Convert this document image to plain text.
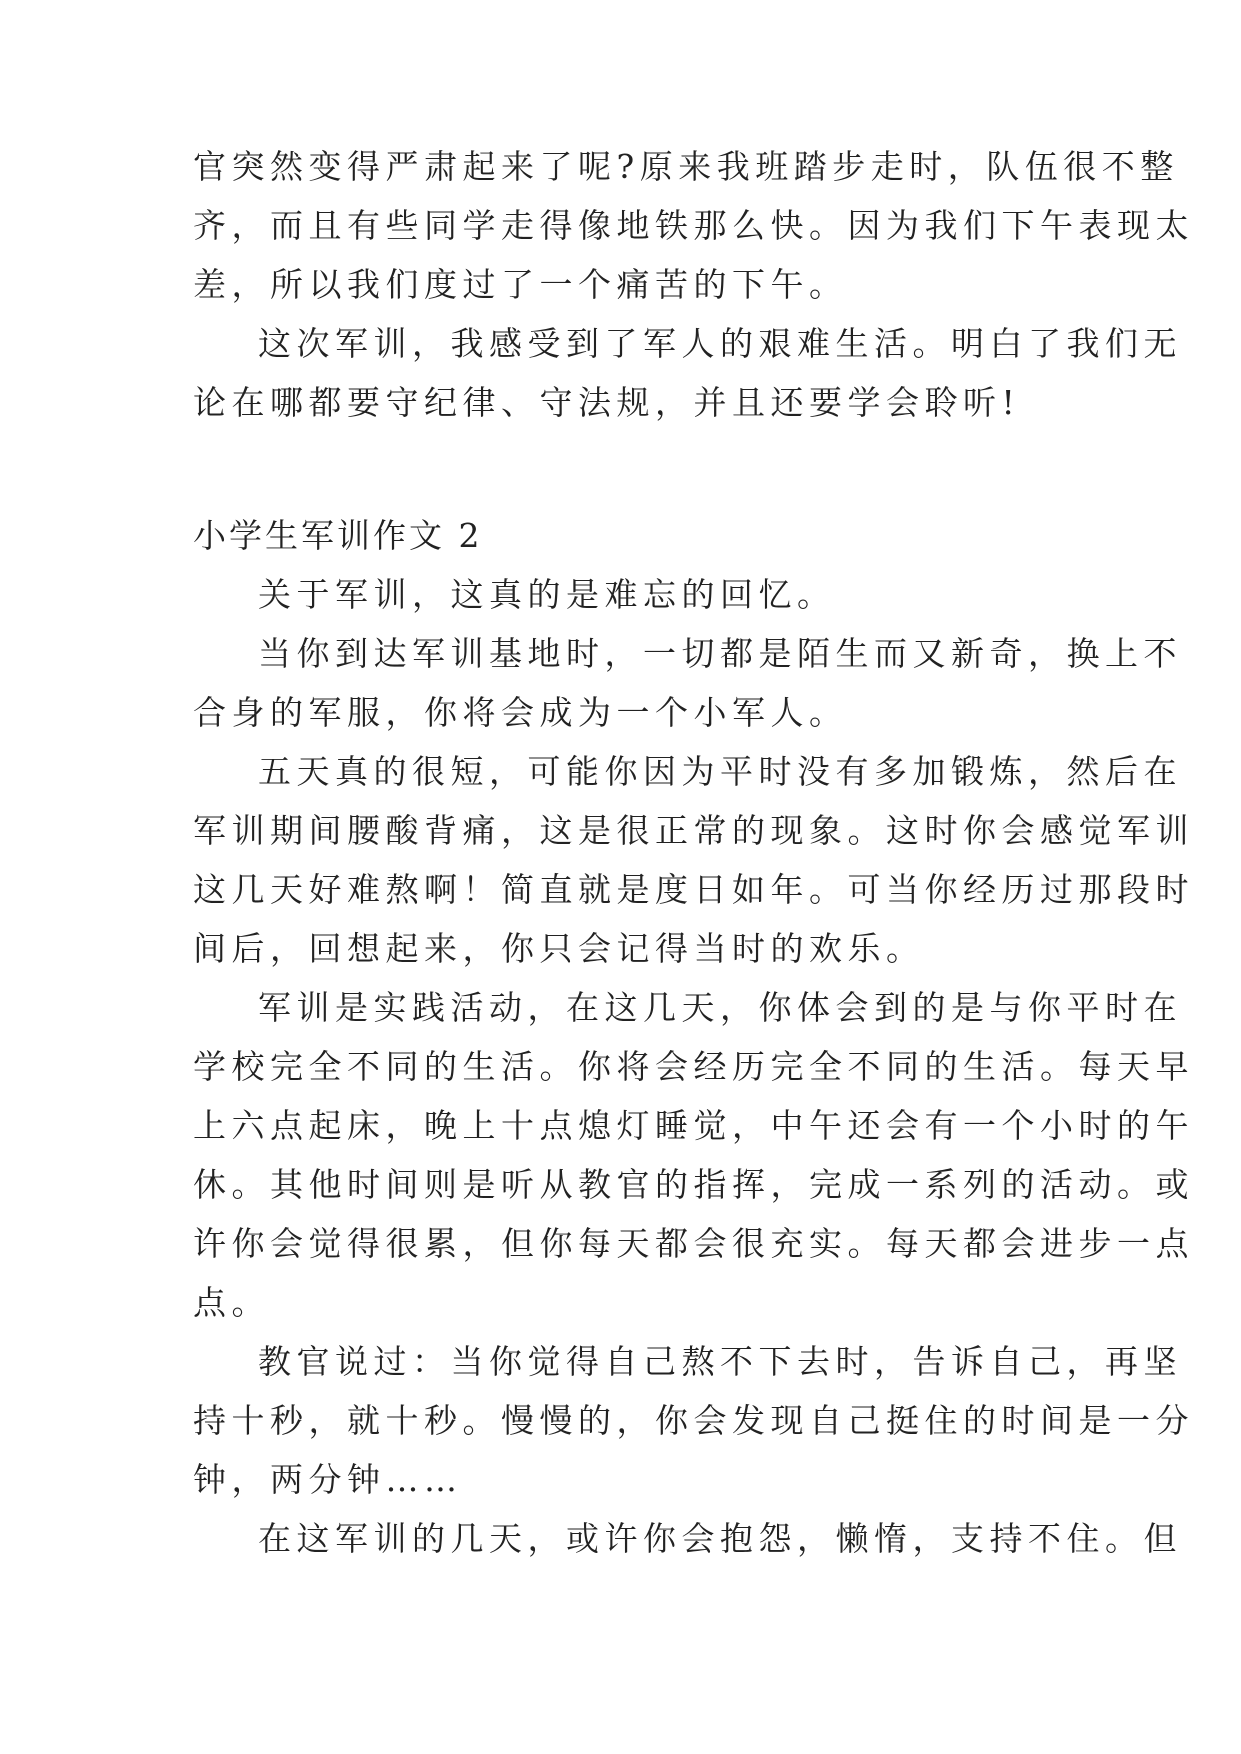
官突然变得严肃起来了呢?原来我班踏步走时，队伍很不整
齐，而且有些同学走得像地铁那么快。因为我们下午表现太
差，所以我们度过了一个痛苦的下午。
这次军训，我感受到了军人的艰难生活。明白了我们无
论在哪都要守纪律、守法规，并且还要学会聆听!
小学生军训作文 2
关于军训，这真的是难忘的回忆。
当你到达军训基地时，一切都是陌生而又新奇，换上不
合身的军服，你将会成为一个小军人。
五天真的很短，可能你因为平时没有多加锻炼，然后在
军训期间腰酸背痛，这是很正常的现象。这时你会感觉军训
这几天好难熬啊！简直就是度日如年。可当你经历过那段时
间后，回想起来，你只会记得当时的欢乐。
军训是实践活动，在这几天，你体会到的是与你平时在
学校完全不同的生活。你将会经历完全不同的生活。每天早
上六点起床，晚上十点熄灯睡觉，中午还会有一个小时的午
休。其他时间则是听从教官的指挥，完成一系列的活动。或
许你会觉得很累，但你每天都会很充实。每天都会进步一点
点。
教官说过：当你觉得自己熬不下去时，告诉自己，再坚
持十秒，就十秒。慢慢的，你会发现自己挺住的时间是一分
钟，两分钟……
在这军训的几天，或许你会抱怨，懒惰，支持不住。但
